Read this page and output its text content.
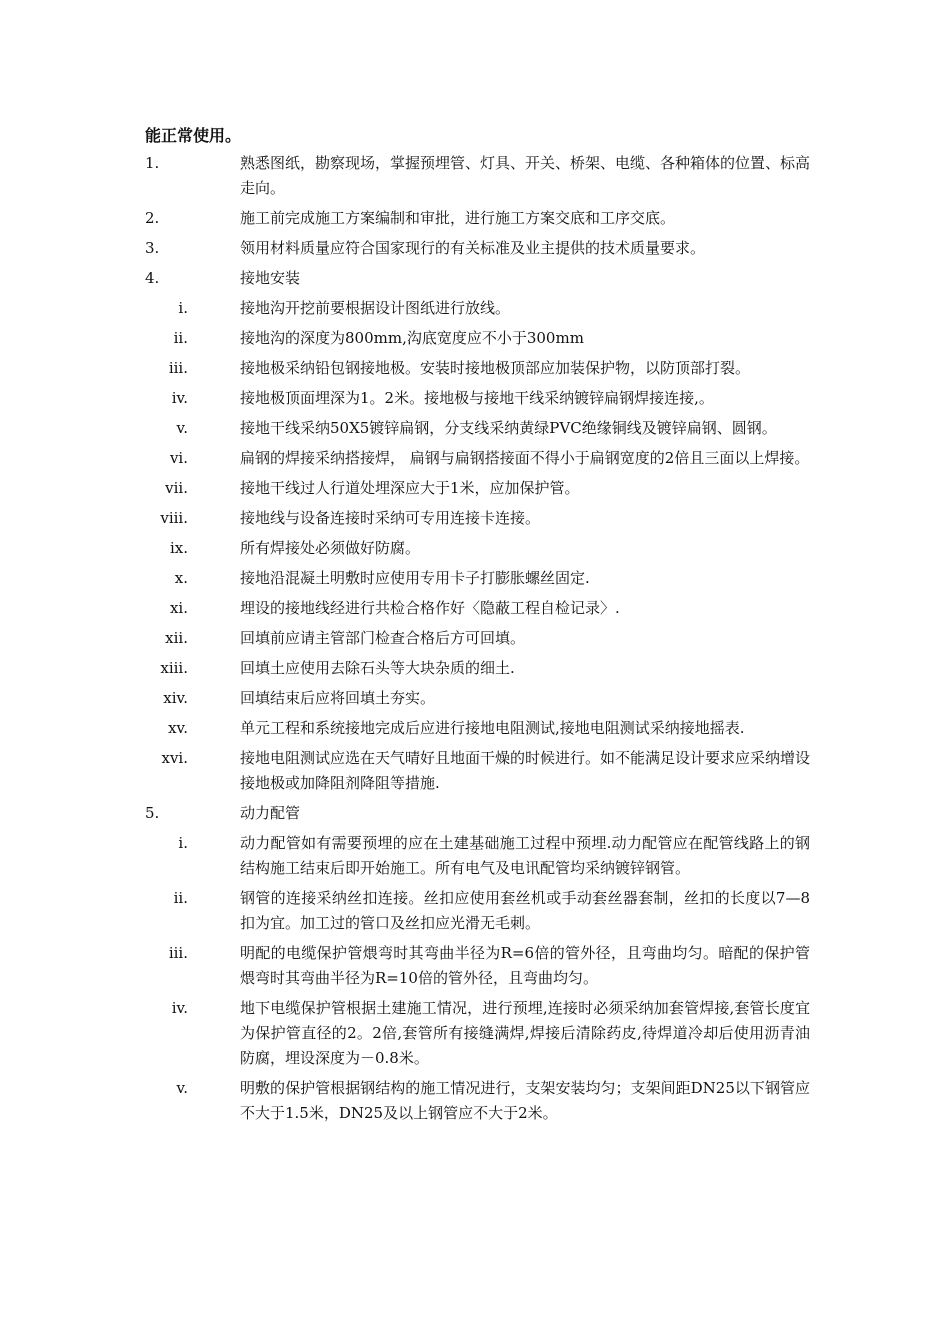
能正常使用。
1.	熟悉图纸，勘察现场，掌握预埋管、灯具、开关、桥架、电缆、各种箱体的位置、标高走向。
2.	施工前完成施工方案编制和审批，进行施工方案交底和工序交底。
3.	领用材料质量应符合国家现行的有关标准及业主提供的技术质量要求。
4.	接地安装
i.	接地沟开挖前要根据设计图纸进行放线。
ii.	接地沟的深度为800mm,沟底宽度应不小于300mm
iii.	接地极采纳铅包钢接地极。安装时接地极顶部应加装保护物，以防顶部打裂。
iv.	接地极顶面埋深为1。2米。接地极与接地干线采纳镀锌扁钢焊接连接,。
v.	接地干线采纳50X5镀锌扁钢，分支线采纳黄绿PVC绝缘铜线及镀锌扁钢、圆钢。
vi.	扁钢的焊接采纳搭接焊， 扁钢与扁钢搭接面不得小于扁钢宽度的2倍且三面以上焊接。
vii.	接地干线过人行道处埋深应大于1米，应加保护管。
viii.	接地线与设备连接时采纳可专用连接卡连接。
ix.	所有焊接处必须做好防腐。
x.	接地沿混凝土明敷时应使用专用卡子打膨胀螺丝固定.
xi.	埋设的接地线经进行共检合格作好〈隐蔽工程自检记录〉.
xii.	回填前应请主管部门检查合格后方可回填。
xiii.	回填土应使用去除石头等大块杂质的细土.
xiv.	回填结束后应将回填土夯实。
xv.	单元工程和系统接地完成后应进行接地电阻测试,接地电阻测试采纳接地摇表.
xvi.	接地电阻测试应选在天气晴好且地面干燥的时候进行。如不能满足设计要求应采纳增设接地极或加降阻剂降阻等措施.
5.	动力配管
i.	动力配管如有需要预埋的应在土建基础施工过程中预埋.动力配管应在配管线路上的钢结构施工结束后即开始施工。所有电气及电讯配管均采纳镀锌钢管。
ii.	钢管的连接采纳丝扣连接。丝扣应使用套丝机或手动套丝器套制，丝扣的长度以7—8扣为宜。加工过的管口及丝扣应光滑无毛刺。
iii.	明配的电缆保护管煨弯时其弯曲半径为R=6倍的管外径，且弯曲均匀。暗配的保护管煨弯时其弯曲半径为R=10倍的管外径，且弯曲均匀。
iv.	地下电缆保护管根据土建施工情况，进行预埋,连接时必须采纳加套管焊接,套管长度宜为保护管直径的2。2倍,套管所有接缝满焊,焊接后清除药皮,待焊道冷却后使用沥青油防腐，埋设深度为－0.8米。
v.	明敷的保护管根据钢结构的施工情况进行，支架安装均匀；支架间距DN25以下钢管应不大于1.5米，DN25及以上钢管应不大于2米。
